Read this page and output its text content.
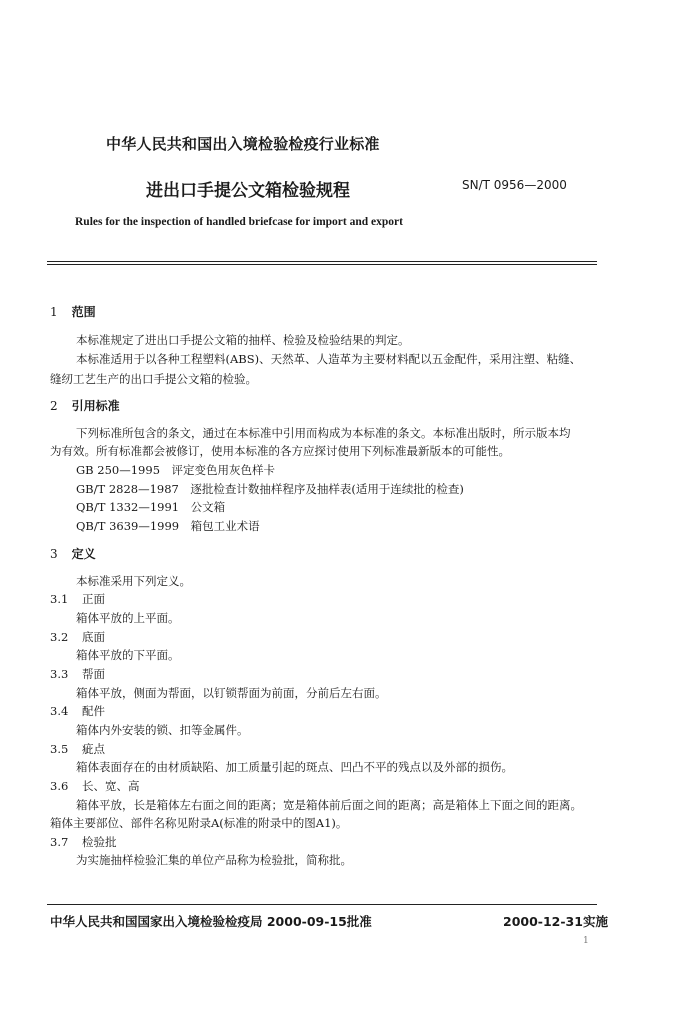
中华人民共和国出入境检验检疫行业标准
进出口手提公文箱检验规程	SN/T 0956—2000
Rules for the inspection of handled briefcase for import and export
1 范围
本标准规定了进出口手提公文箱的抽样、检验及检验结果的判定。
本标准适用于以各种工程塑料(ABS)、天然革、人造革为主要材料配以五金配件，采用注塑、粘缝、
缝纫工艺生产的出口手提公文箱的检验。
2 引用标准
下列标准所包含的条文，通过在本标准中引用而构成为本标准的条文。本标准出版时，所示版本均
为有效。所有标准都会被修订，使用本标准的各方应探讨使用下列标准最新版本的可能性。
GB 250—1995　评定变色用灰色样卡
GB/T 2828—1987　逐批检查计数抽样程序及抽样表(适用于连续批的检查)
QB/T 1332—1991　公文箱
QB/T 3639—1999　箱包工业术语
3 定义
本标准采用下列定义。
3.1 正面
箱体平放的上平面。
3.2 底面
箱体平放的下平面。
3.3 帮面
箱体平放，侧面为帮面，以钉锁帮面为前面，分前后左右面。
3.4 配件
箱体内外安装的锁、扣等金属件。
3.5 疵点
箱体表面存在的由材质缺陷、加工质量引起的斑点、凹凸不平的残点以及外部的损伤。
3.6 长、宽、高
箱体平放，长是箱体左右面之间的距离；宽是箱体前后面之间的距离；高是箱体上下面之间的距离。
箱体主要部位、部件名称见附录A(标准的附录中的图A1)。
3.7 检验批
为实施抽样检验汇集的单位产品称为检验批，简称批。
中华人民共和国国家出入境检验检疫局 2000-09-15批准	2000-12-31实施
1
